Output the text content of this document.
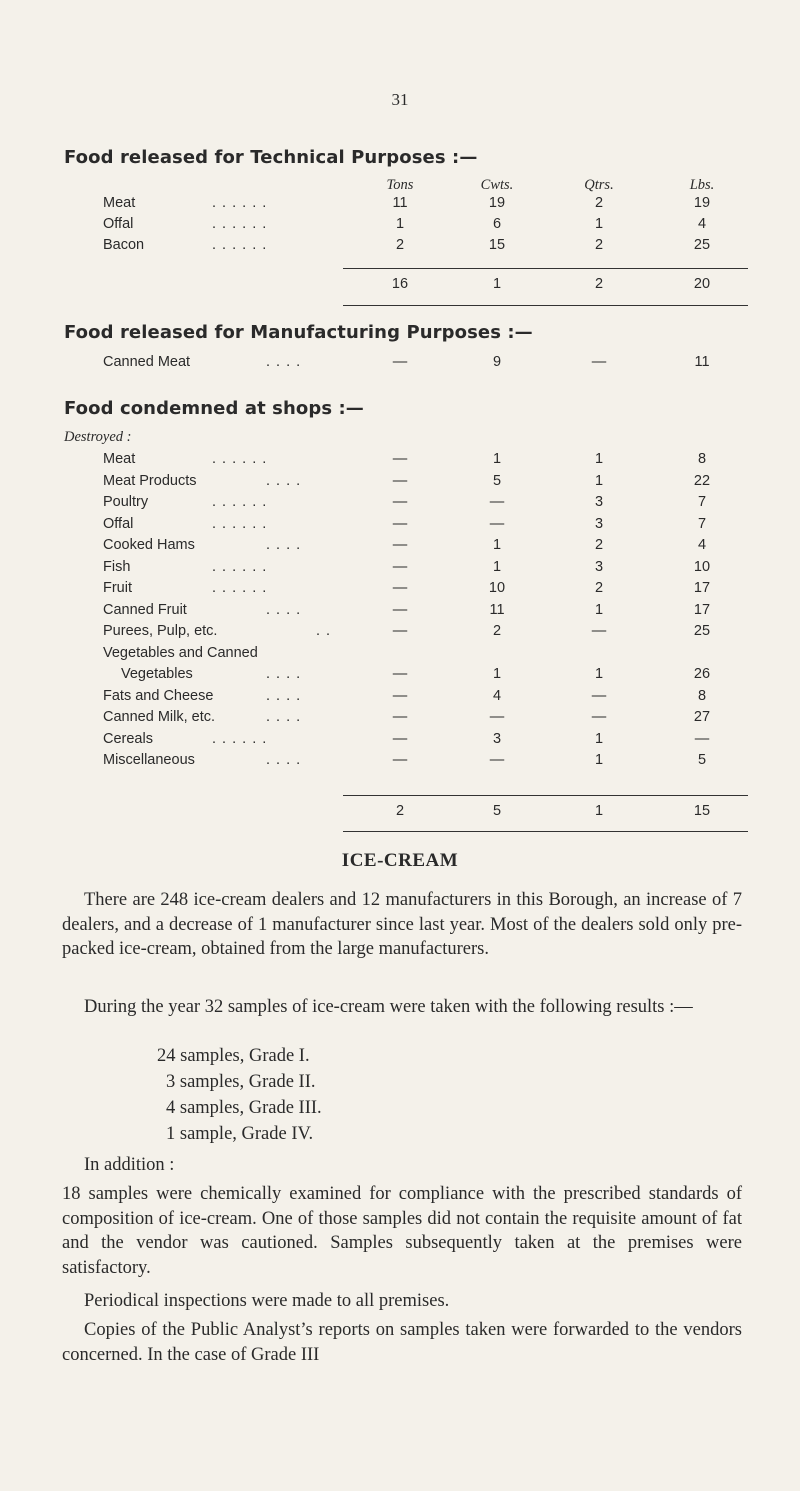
31
Food released for Technical Purposes :—
Tons	Cwts.	Qtrs.	Lbs.
Meat	. . . . . .	11	19	2	19
Offal	. . . . . .	1	6	1	4
Bacon	. . . . . .	2	15	2	25
16	1	2	20
Food released for Manufacturing Purposes :—
Canned Meat	. . . .	—	9	—	11
Food condemned at shops :—
Destroyed :
Meat	. . . . . .	—	1	1	8
Meat Products	. . . .	—	5	1	22
Poultry	. . . . . .	—	—	3	7
Offal	. . . . . .	—	—	3	7
Cooked Hams	. . . .	—	1	2	4
Fish	. . . . . .	—	1	3	10
Fruit	. . . . . .	—	10	2	17
Canned Fruit	. . . .	—	11	1	17
Purees, Pulp, etc.	. .	—	2	—	25
Vegetables and Canned
Vegetables	. . . .	—	1	1	26
Fats and Cheese	. . . .	—	4	—	8
Canned Milk, etc.	. . . .	—	—	—	27
Cereals	. . . . . .	—	3	1	—
Miscellaneous	. . . .	—	—	1	5
2	5	1	15
ICE-CREAM
There are 248 ice-cream dealers and 12 manufacturers in this Borough, an increase of 7 dealers, and a decrease of 1 manufacturer since last year. Most of the dealers sold only pre-packed ice-cream, obtained from the large manufacturers.
During the year 32 samples of ice-cream were taken with the following results :—
24 samples, Grade I.
3 samples, Grade II.
4 samples, Grade III.
1 sample, Grade IV.
In addition :
18 samples were chemically examined for compliance with the prescribed standards of composition of ice-cream. One of those samples did not contain the requisite amount of fat and the vendor was cautioned. Samples subsequently taken at the premises were satisfactory.
Periodical inspections were made to all premises.
Copies of the Public Analyst’s reports on samples taken were forwarded to the vendors concerned. In the case of Grade III
